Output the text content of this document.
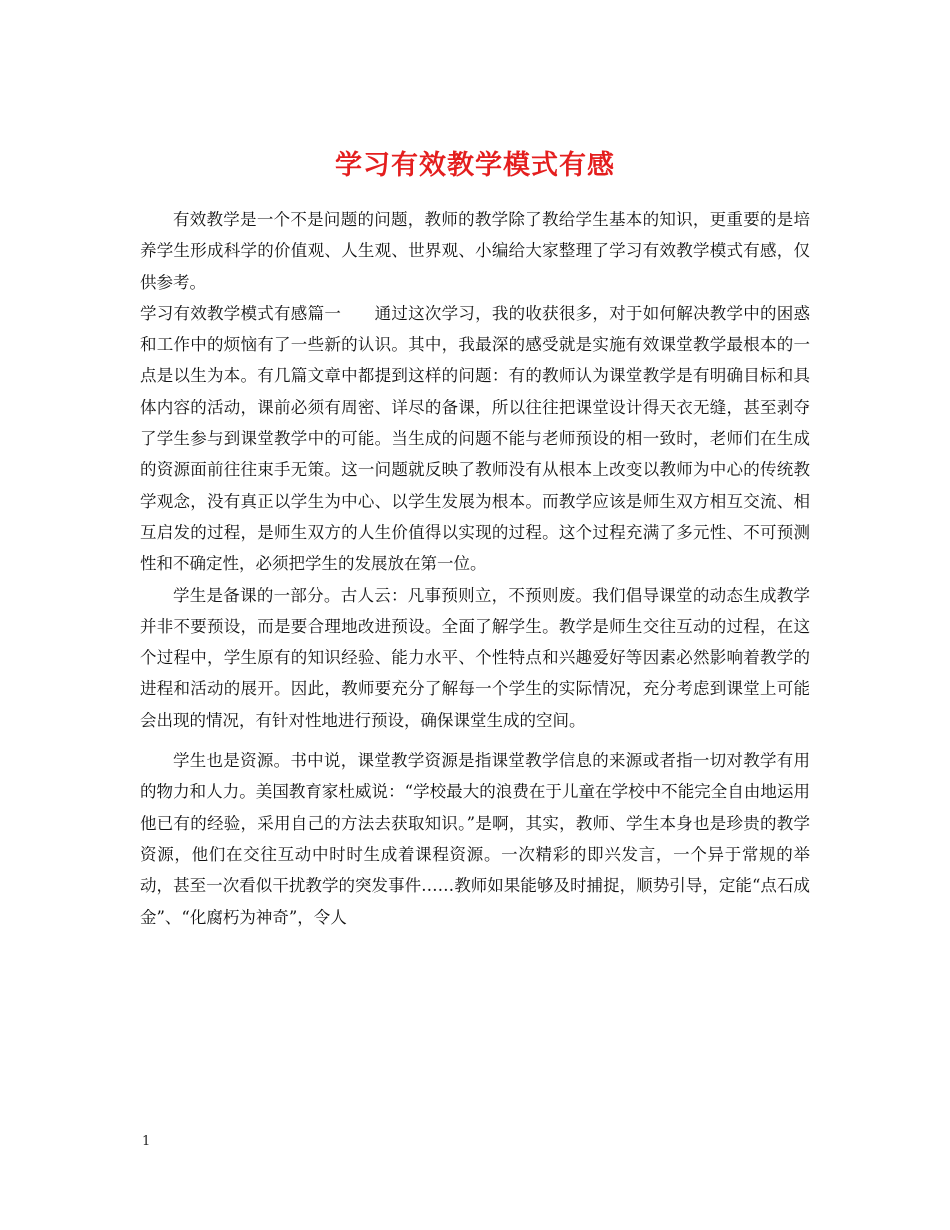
学习有效教学模式有感

有效教学是一个不是问题的问题，教师的教学除了教给学生基本的知识，更重要的是培养学生形成科学的价值观、人生观、世界观、小编给大家整理了学习有效教学模式有感，仅供参考。

学习有效教学模式有感篇一　　通过这次学习，我的收获很多，对于如何解决教学中的困惑和工作中的烦恼有了一些新的认识。其中，我最深的感受就是实施有效课堂教学最根本的一点是以生为本。有几篇文章中都提到这样的问题：有的教师认为课堂教学是有明确目标和具体内容的活动，课前必须有周密、详尽的备课，所以往往把课堂设计得天衣无缝，甚至剥夺了学生参与到课堂教学中的可能。当生成的问题不能与老师预设的相一致时，老师们在生成的资源面前往往束手无策。这一问题就反映了教师没有从根本上改变以教师为中心的传统教学观念，没有真正以学生为中心、以学生发展为根本。而教学应该是师生双方相互交流、相互启发的过程，是师生双方的人生价值得以实现的过程。这个过程充满了多元性、不可预测性和不确定性，必须把学生的发展放在第一位。

学生是备课的一部分。古人云：凡事预则立，不预则废。我们倡导课堂的动态生成教学并非不要预设，而是要合理地改进预设。全面了解学生。教学是师生交往互动的过程，在这个过程中，学生原有的知识经验、能力水平、个性特点和兴趣爱好等因素必然影响着教学的进程和活动的展开。因此，教师要充分了解每一个学生的实际情况，充分考虑到课堂上可能会出现的情况，有针对性地进行预设，确保课堂生成的空间。

学生也是资源。书中说，课堂教学资源是指课堂教学信息的来源或者指一切对教学有用的物力和人力。美国教育家杜威说：“学校最大的浪费在于儿童在学校中不能完全自由地运用他已有的经验，采用自己的方法去获取知识。”是啊，其实，教师、学生本身也是珍贵的教学资源，他们在交往互动中时时生成着课程资源。一次精彩的即兴发言，一个异于常规的举动，甚至一次看似干扰教学的突发事件……教师如果能够及时捕捉，顺势引导，定能“点石成金”、“化腐朽为神奇”，令人

1
